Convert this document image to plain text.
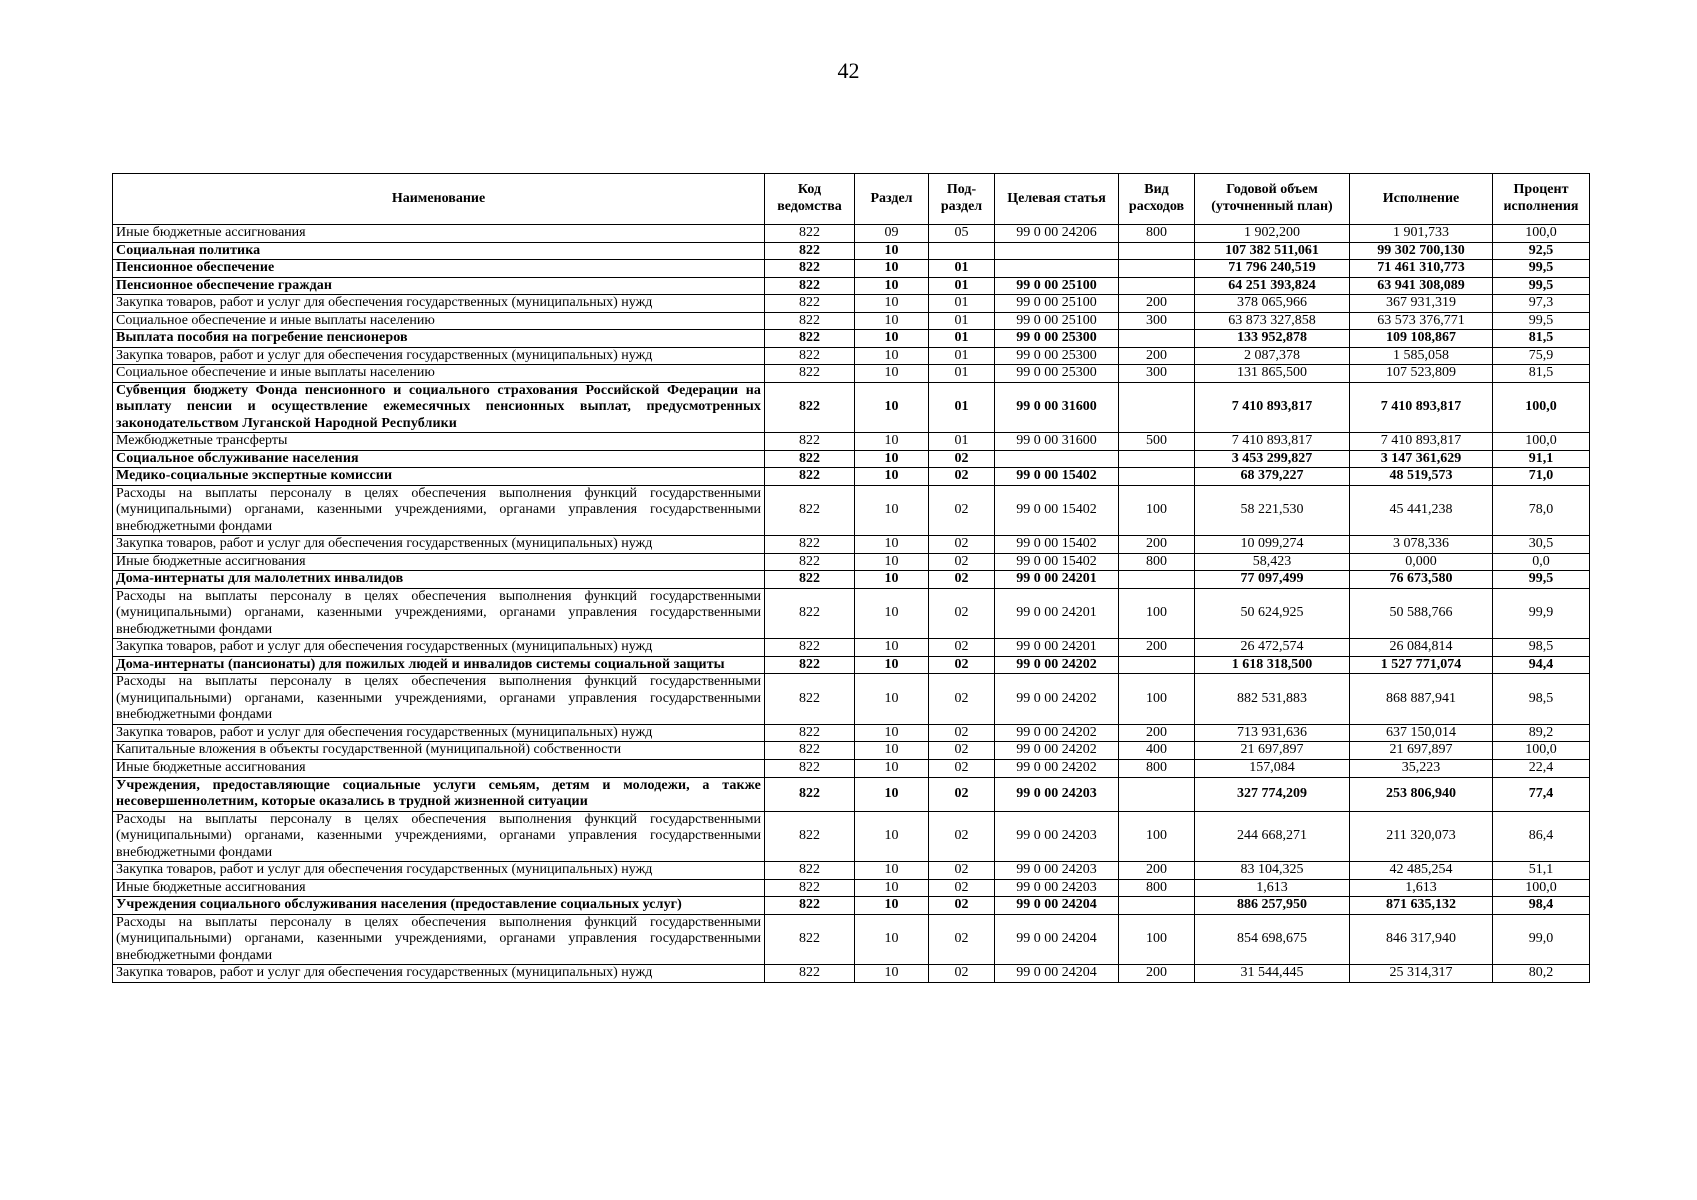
42
Наименование	Код ведомства	Раздел	Под-раздел	Целевая статья	Вид расходов	Годовой объем (уточненный план)	Исполнение	Процент исполнения
Иные бюджетные ассигнования	822	09	05	99 0 00 24206	800	1 902,200	1 901,733	100,0
Социальная политика	822	10				107 382 511,061	99 302 700,130	92,5
Пенсионное обеспечение	822	10	01			71 796 240,519	71 461 310,773	99,5
Пенсионное обеспечение граждан	822	10	01	99 0 00 25100		64 251 393,824	63 941 308,089	99,5
Закупка товаров, работ и услуг для обеспечения государственных (муниципальных) нужд	822	10	01	99 0 00 25100	200	378 065,966	367 931,319	97,3
Социальное обеспечение и иные выплаты населению	822	10	01	99 0 00 25100	300	63 873 327,858	63 573 376,771	99,5
Выплата пособия на погребение пенсионеров	822	10	01	99 0 00 25300		133 952,878	109 108,867	81,5
Закупка товаров, работ и услуг для обеспечения государственных (муниципальных) нужд	822	10	01	99 0 00 25300	200	2 087,378	1 585,058	75,9
Социальное обеспечение и иные выплаты населению	822	10	01	99 0 00 25300	300	131 865,500	107 523,809	81,5
Субвенция бюджету Фонда пенсионного и социального страхования Российской Федерации на выплату пенсии и осуществление ежемесячных пенсионных выплат, предусмотренных законодательством Луганской Народной Республики	822	10	01	99 0 00 31600		7 410 893,817	7 410 893,817	100,0
Межбюджетные трансферты	822	10	01	99 0 00 31600	500	7 410 893,817	7 410 893,817	100,0
Социальное обслуживание населения	822	10	02			3 453 299,827	3 147 361,629	91,1
Медико-социальные экспертные комиссии	822	10	02	99 0 00 15402		68 379,227	48 519,573	71,0
Расходы на выплаты персоналу в целях обеспечения выполнения функций государственными (муниципальными) органами, казенными учреждениями, органами управления государственными внебюджетными фондами	822	10	02	99 0 00 15402	100	58 221,530	45 441,238	78,0
Закупка товаров, работ и услуг для обеспечения государственных (муниципальных) нужд	822	10	02	99 0 00 15402	200	10 099,274	3 078,336	30,5
Иные бюджетные ассигнования	822	10	02	99 0 00 15402	800	58,423	0,000	0,0
Дома-интернаты для малолетних инвалидов	822	10	02	99 0 00 24201		77 097,499	76 673,580	99,5
Расходы на выплаты персоналу в целях обеспечения выполнения функций государственными (муниципальными) органами, казенными учреждениями, органами управления государственными внебюджетными фондами	822	10	02	99 0 00 24201	100	50 624,925	50 588,766	99,9
Закупка товаров, работ и услуг для обеспечения государственных (муниципальных) нужд	822	10	02	99 0 00 24201	200	26 472,574	26 084,814	98,5
Дома-интернаты (пансионаты) для пожилых людей и инвалидов системы социальной защиты	822	10	02	99 0 00 24202		1 618 318,500	1 527 771,074	94,4
Расходы на выплаты персоналу в целях обеспечения выполнения функций государственными (муниципальными) органами, казенными учреждениями, органами управления государственными внебюджетными фондами	822	10	02	99 0 00 24202	100	882 531,883	868 887,941	98,5
Закупка товаров, работ и услуг для обеспечения государственных (муниципальных) нужд	822	10	02	99 0 00 24202	200	713 931,636	637 150,014	89,2
Капитальные вложения в объекты государственной (муниципальной) собственности	822	10	02	99 0 00 24202	400	21 697,897	21 697,897	100,0
Иные бюджетные ассигнования	822	10	02	99 0 00 24202	800	157,084	35,223	22,4
Учреждения, предоставляющие социальные услуги семьям, детям и молодежи, а также несовершеннолетним, которые оказались в трудной жизненной ситуации	822	10	02	99 0 00 24203		327 774,209	253 806,940	77,4
Расходы на выплаты персоналу в целях обеспечения выполнения функций государственными (муниципальными) органами, казенными учреждениями, органами управления государственными внебюджетными фондами	822	10	02	99 0 00 24203	100	244 668,271	211 320,073	86,4
Закупка товаров, работ и услуг для обеспечения государственных (муниципальных) нужд	822	10	02	99 0 00 24203	200	83 104,325	42 485,254	51,1
Иные бюджетные ассигнования	822	10	02	99 0 00 24203	800	1,613	1,613	100,0
Учреждения социального обслуживания населения (предоставление социальных услуг)	822	10	02	99 0 00 24204		886 257,950	871 635,132	98,4
Расходы на выплаты персоналу в целях обеспечения выполнения функций государственными (муниципальными) органами, казенными учреждениями, органами управления государственными внебюджетными фондами	822	10	02	99 0 00 24204	100	854 698,675	846 317,940	99,0
Закупка товаров, работ и услуг для обеспечения государственных (муниципальных) нужд	822	10	02	99 0 00 24204	200	31 544,445	25 314,317	80,2
